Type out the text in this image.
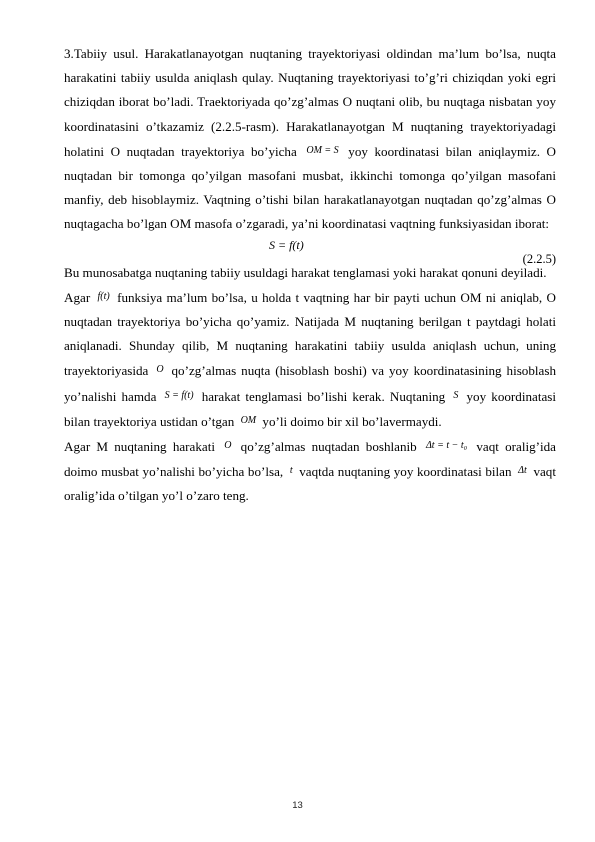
3.Tabiiy usul. Harakatlanayotgan nuqtaning trayektoriyasi oldindan ma’lum bo’lsa, nuqta harakatini tabiiy usulda aniqlash qulay. Nuqtaning trayektoriyasi to’g’ri chiziqdan yoki egri chiziqdan iborat bo’ladi. Traektoriyada qo’zg’almas O nuqtani olib, bu nuqtaga nisbatan yoy koordinatasini o’tkazamiz (2.2.5-rasm). Harakatlanayotgan M nuqtaning trayektoriyadagi holatini O nuqtadan trayektoriya bo’yicha OM = S yoy koordinatasi bilan aniqlaymiz. O nuqtadan bir tomonga qo’yilgan masofani musbat, ikkinchi tomonga qo’yilgan masofani manfiy, deb hisoblaymiz. Vaqtning o’tishi bilan harakatlanayotgan nuqtadan qo’zg’almas O nuqtagacha bo’lgan OM masofa o’zgaradi, ya’ni koordinatasi vaqtning funksiyasidan iborat:

S = f(t)
(2.2.5)

Bu munosabatga nuqtaning tabiiy usuldagi harakat tenglamasi yoki harakat qonuni deyiladi.

Agar f(t) funksiya ma’lum bo’lsa, u holda t vaqtning har bir payti uchun OM ni aniqlab, O nuqtadan trayektoriya bo’yicha qo’yamiz. Natijada M nuqtaning berilgan t paytdagi holati aniqlanadi. Shunday qilib, M nuqtaning harakatini tabiiy usulda aniqlash uchun, uning trayektoriyasida O qo’zg’almas nuqta (hisoblash boshi) va yoy koordinatasining hisoblash yo’nalishi hamda S = f(t) harakat tenglamasi bo’lishi kerak. Nuqtaning S yoy koordinatasi bilan trayektoriya ustidan o’tgan OM yo’li doimo bir xil bo’lavermaydi.

Agar M nuqtaning harakati O qo’zg’almas nuqtadan boshlanib Δt = t − t₀ vaqt oralig’ida doimo musbat yo’nalishi bo’yicha bo’lsa, t vaqtda nuqtaning yoy koordinatasi bilan Δt vaqt oralig’ida o’tilgan yo’l o’zaro teng.

13
